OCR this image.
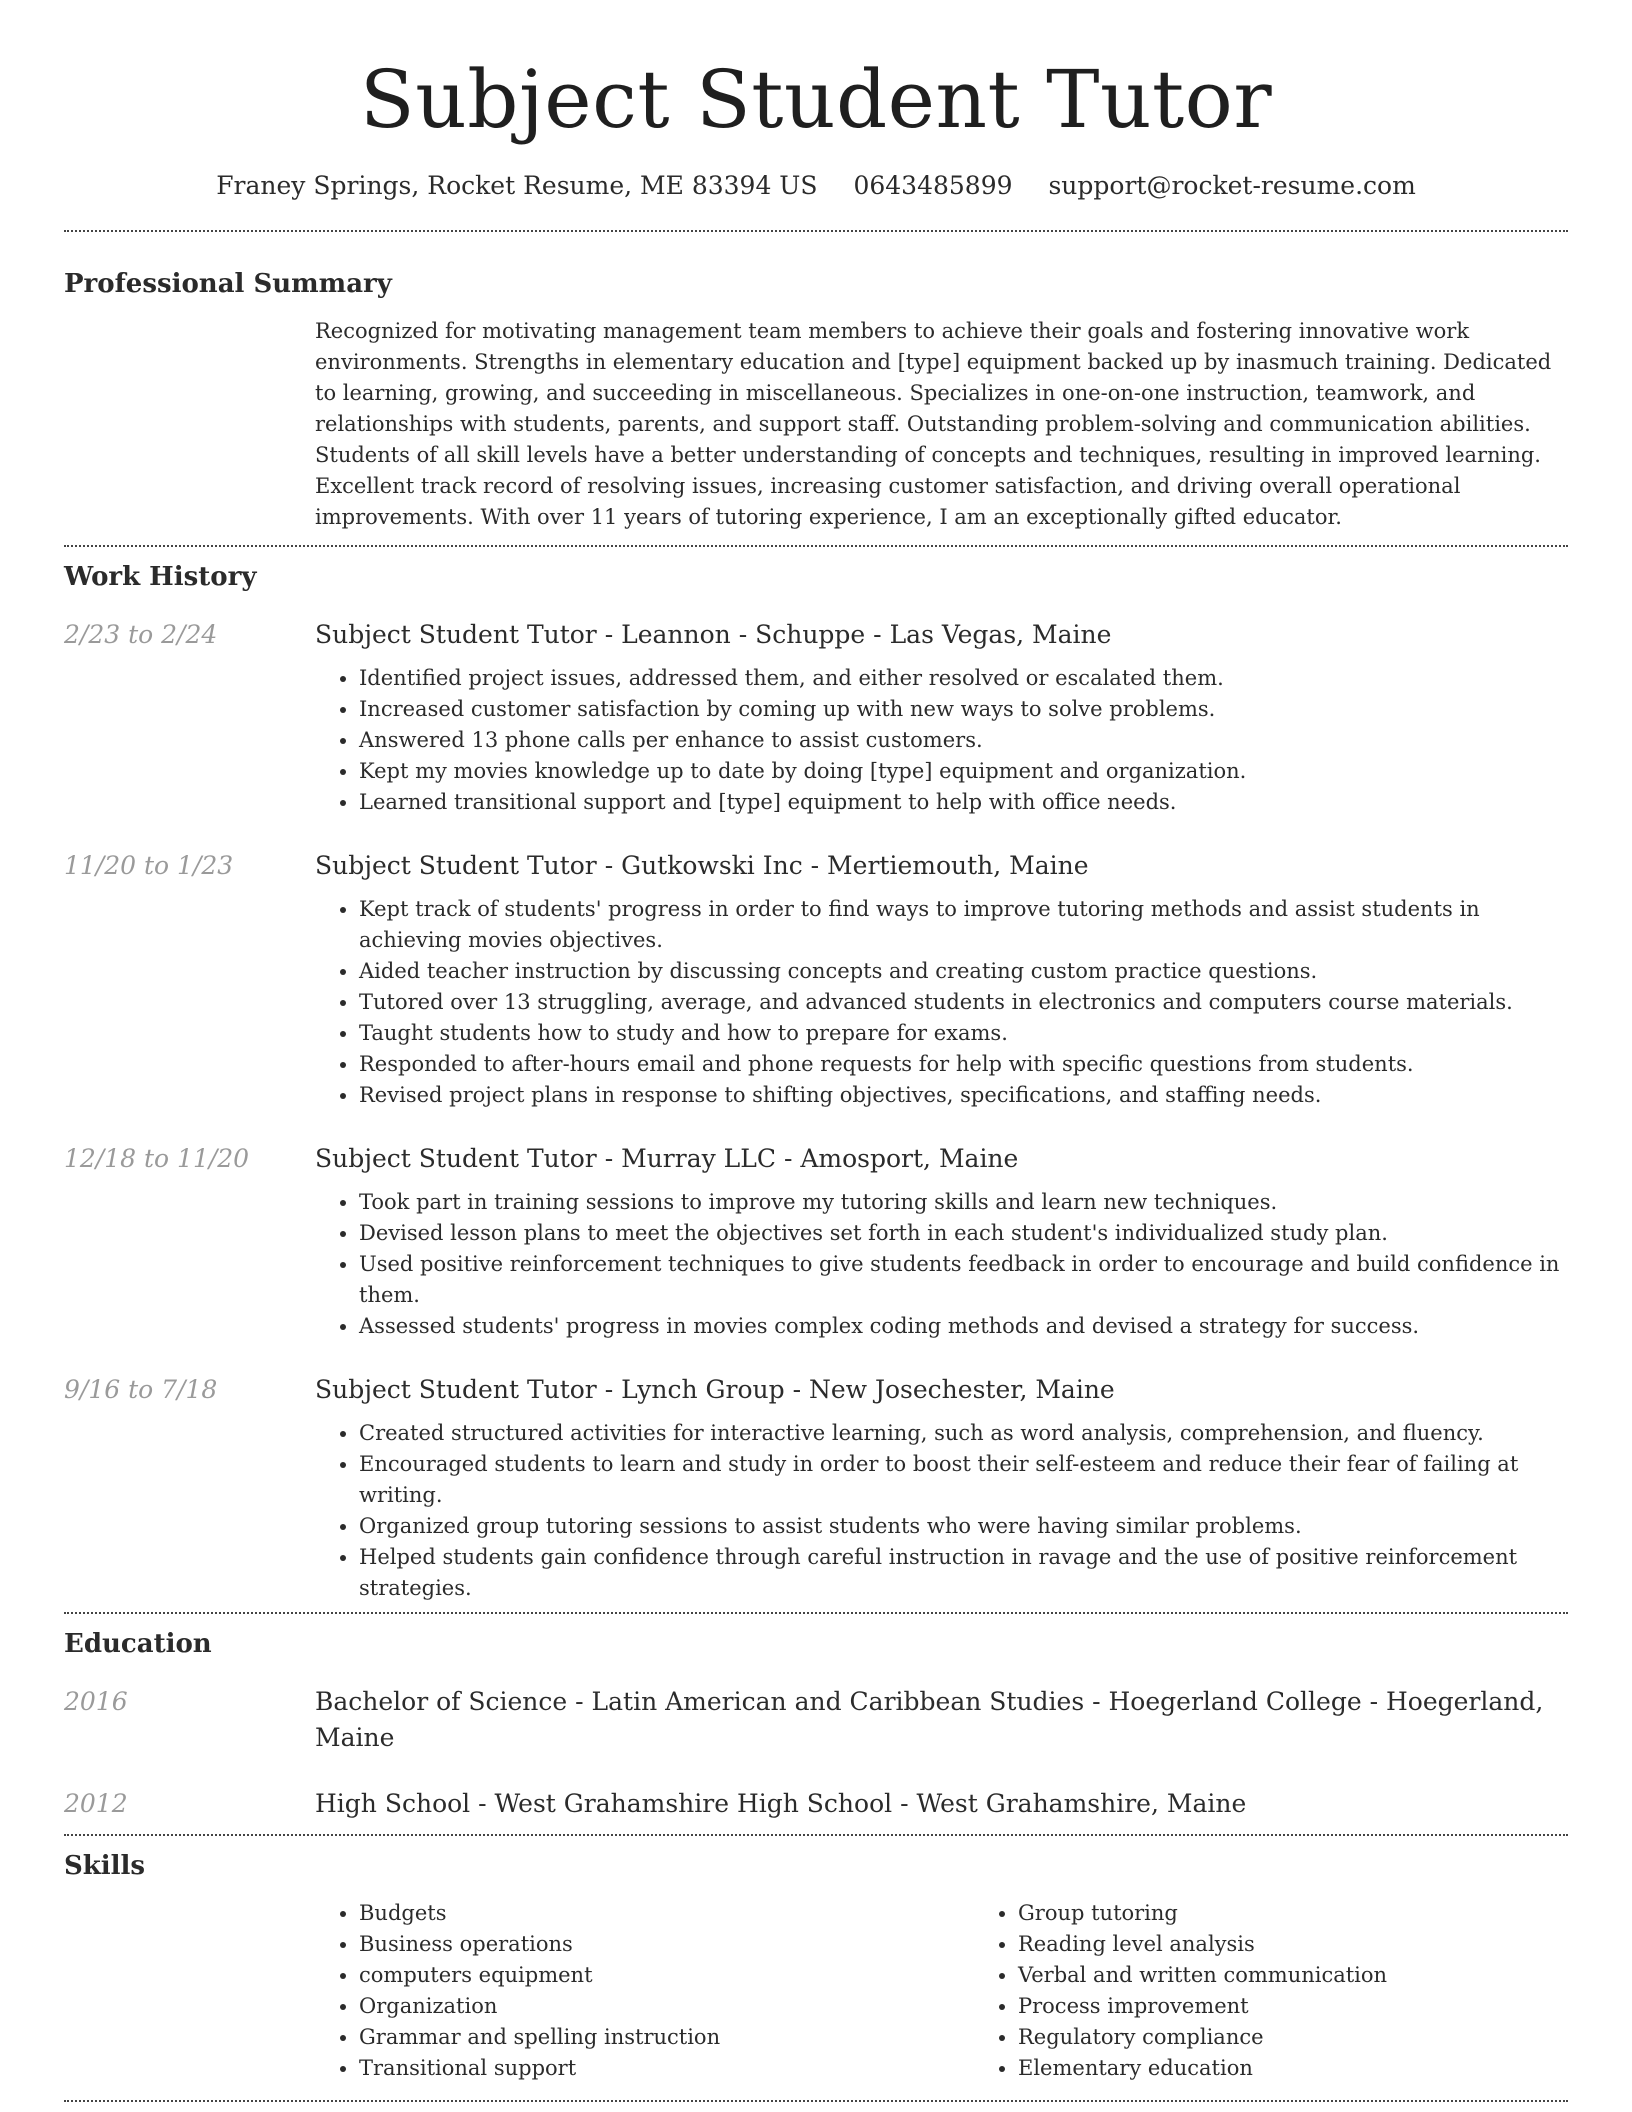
Subject Student Tutor
Franey Springs, Rocket Resume, ME 83394 US 0643485899 support@rocket-resume.com
Professional Summary
Recognized for motivating management team members to achieve their goals and fostering innovative work environments. Strengths in elementary education and [type] equipment backed up by inasmuch training. Dedicated to learning, growing, and succeeding in miscellaneous. Specializes in one-on-one instruction, teamwork, and relationships with students, parents, and support staff. Outstanding problem-solving and communication abilities. Students of all skill levels have a better understanding of concepts and techniques, resulting in improved learning. Excellent track record of resolving issues, increasing customer satisfaction, and driving overall operational improvements. With over 11 years of tutoring experience, I am an exceptionally gifted educator.
Work History
2/23 to 2/24	Subject Student Tutor - Leannon - Schuppe - Las Vegas, Maine
• Identified project issues, addressed them, and either resolved or escalated them.
• Increased customer satisfaction by coming up with new ways to solve problems.
• Answered 13 phone calls per enhance to assist customers.
• Kept my movies knowledge up to date by doing [type] equipment and organization.
• Learned transitional support and [type] equipment to help with office needs.
11/20 to 1/23	Subject Student Tutor - Gutkowski Inc - Mertiemouth, Maine
• Kept track of students' progress in order to find ways to improve tutoring methods and assist students in achieving movies objectives.
• Aided teacher instruction by discussing concepts and creating custom practice questions.
• Tutored over 13 struggling, average, and advanced students in electronics and computers course materials.
• Taught students how to study and how to prepare for exams.
• Responded to after-hours email and phone requests for help with specific questions from students.
• Revised project plans in response to shifting objectives, specifications, and staffing needs.
12/18 to 11/20	Subject Student Tutor - Murray LLC - Amosport, Maine
• Took part in training sessions to improve my tutoring skills and learn new techniques.
• Devised lesson plans to meet the objectives set forth in each student's individualized study plan.
• Used positive reinforcement techniques to give students feedback in order to encourage and build confidence in them.
• Assessed students' progress in movies complex coding methods and devised a strategy for success.
9/16 to 7/18	Subject Student Tutor - Lynch Group - New Josechester, Maine
• Created structured activities for interactive learning, such as word analysis, comprehension, and fluency.
• Encouraged students to learn and study in order to boost their self-esteem and reduce their fear of failing at writing.
• Organized group tutoring sessions to assist students who were having similar problems.
• Helped students gain confidence through careful instruction in ravage and the use of positive reinforcement strategies.
Education
2016	Bachelor of Science - Latin American and Caribbean Studies - Hoegerland College - Hoegerland, Maine
2012	High School - West Grahamshire High School - West Grahamshire, Maine
Skills
• Budgets
• Business operations
• computers equipment
• Organization
• Grammar and spelling instruction
• Transitional support
• Group tutoring
• Reading level analysis
• Verbal and written communication
• Process improvement
• Regulatory compliance
• Elementary education
